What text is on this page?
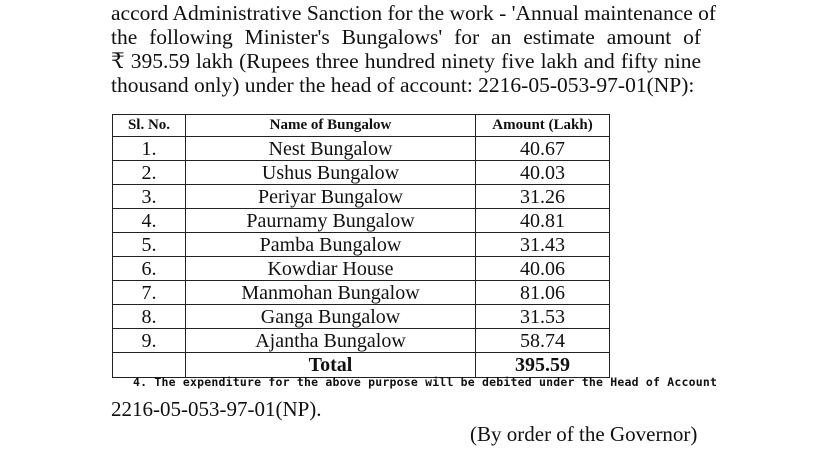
accord Administrative Sanction for the work - 'Annual maintenance of
the following Minister's Bungalows' for an estimate amount of
₹ 395.59 lakh (Rupees three hundred ninety five lakh and fifty nine
thousand only) under the head of account: 2216-05-053-97-01(NP):
Sl. No.	Name of Bungalow	Amount (Lakh)
1.	Nest Bungalow	40.67
2.	Ushus Bungalow	40.03
3.	Periyar Bungalow	31.26
4.	Paurnamy Bungalow	40.81
5.	Pamba Bungalow	31.43
6.	Kowdiar House	40.06
7.	Manmohan Bungalow	81.06
8.	Ganga Bungalow	31.53
9.	Ajantha Bungalow	58.74
	Total	395.59
4. The expenditure for the above purpose will be debited under the Head of Account
2216-05-053-97-01(NP).
(By order of the Governor)
